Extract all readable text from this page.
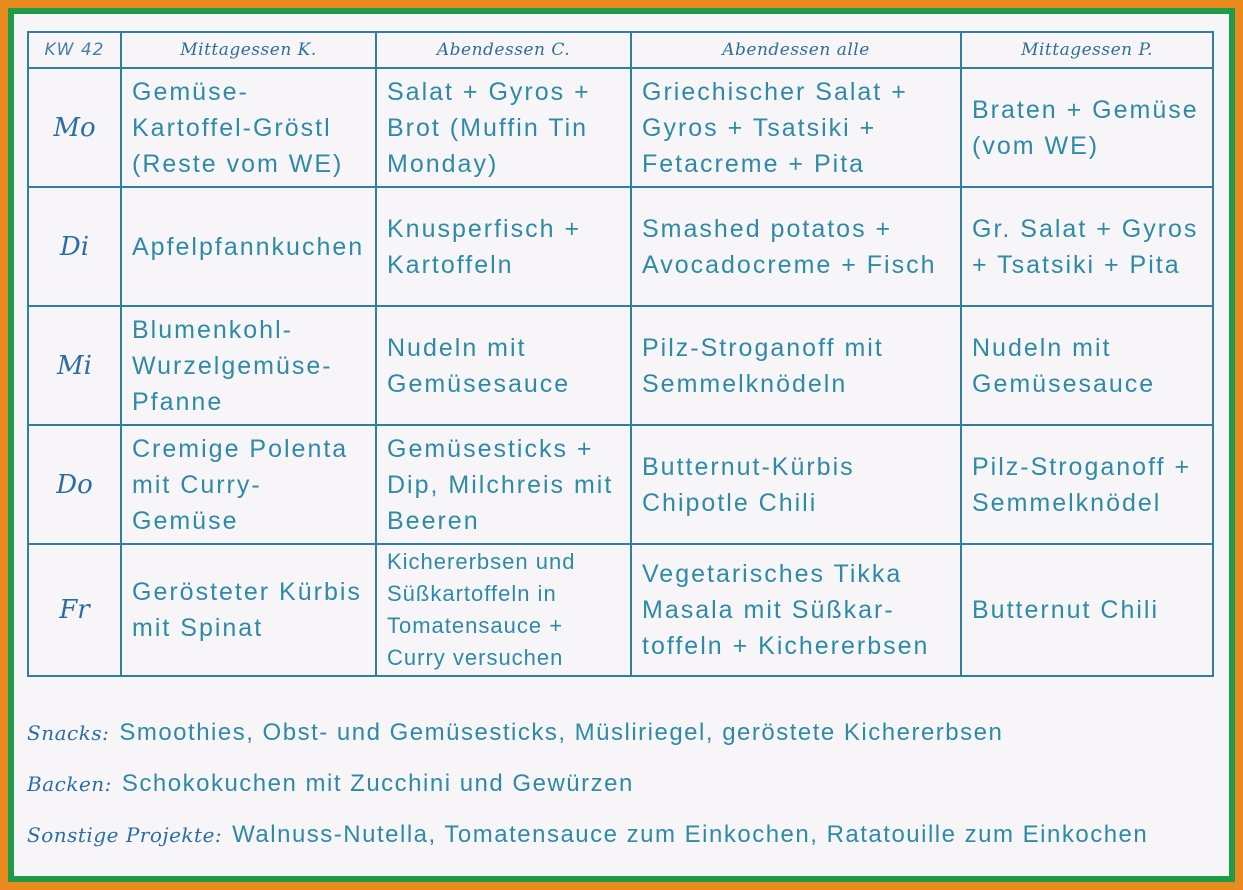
KW 42	Mittagessen K.	Abendessen C.	Abendessen alle	Mittagessen P.
Mo	Gemüse-
Kartoffel-Gröstl
(Reste vom WE)	Salat + Gyros +
Brot (Muffin Tin
Monday)	Griechischer Salat +
Gyros + Tsatsiki +
Fetacreme + Pita	Braten + Gemüse
(vom WE)

Di	Apfelpfannkuchen	Knusperfisch +
Kartoffeln	Smashed potatos +
Avocadocreme + Fisch	Gr. Salat + Gyros
+ Tsatsiki + Pita

Mi	Blumenkohl-
Wurzelgemüse-
Pfanne	Nudeln mit
Gemüsesauce	Pilz-Stroganoff mit
Semmelknödeln	Nudeln mit
Gemüsesauce

Do	Cremige Polenta
mit Curry-
Gemüse	Gemüsesticks +
Dip, Milchreis mit
Beeren	Butternut-Kürbis
Chipotle Chili	Pilz-Stroganoff +
Semmelknödel

Fr	Gerösteter Kürbis
mit Spinat	Kichererbsen und
Süßkartoffeln in
Tomatensauce +
Curry versuchen	Vegetarisches Tikka
Masala mit Süßkar-
toffeln + Kichererbsen	Butternut Chili
Snacks: Smoothies, Obst- und Gemüsesticks, Müsliriegel, geröstete Kichererbsen
Backen: Schokokuchen mit Zucchini und Gewürzen
Sonstige Projekte: Walnuss-Nutella, Tomatensauce zum Einkochen, Ratatouille zum Einkochen
